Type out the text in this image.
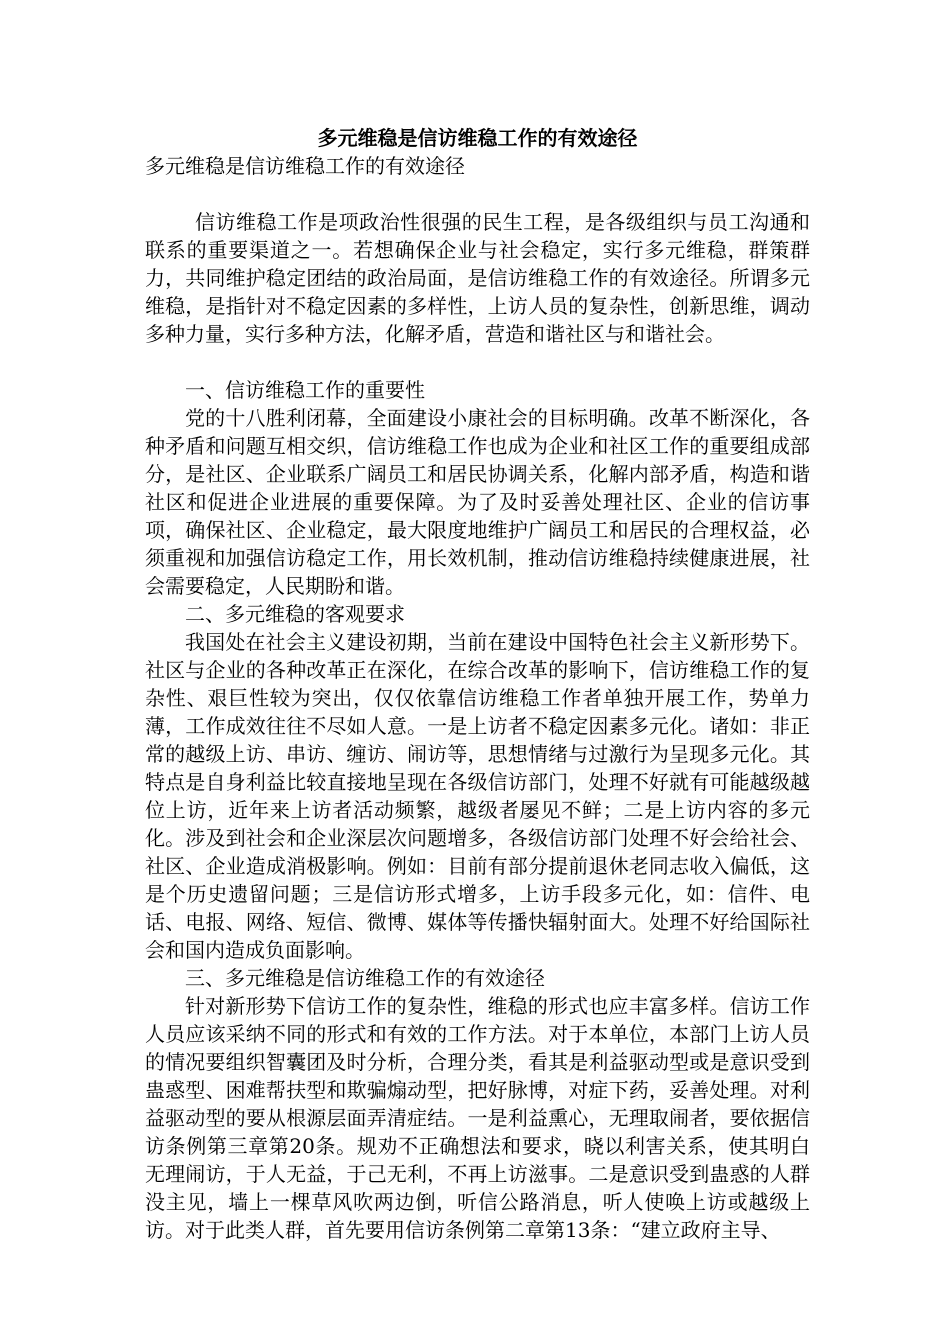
多元维稳是信访维稳工作的有效途径

多元维稳是信访维稳工作的有效途径

信访维稳工作是项政治性很强的民生工程，是各级组织与员工沟通和联系的重要渠道之一。若想确保企业与社会稳定，实行多元维稳，群策群力，共同维护稳定团结的政治局面，是信访维稳工作的有效途径。所谓多元维稳，是指针对不稳定因素的多样性，上访人员的复杂性，创新思维，调动多种力量，实行多种方法，化解矛盾，营造和谐社区与和谐社会。

一、信访维稳工作的重要性

党的十八胜利闭幕，全面建设小康社会的目标明确。改革不断深化，各种矛盾和问题互相交织，信访维稳工作也成为企业和社区工作的重要组成部分，是社区、企业联系广阔员工和居民协调关系，化解内部矛盾，构造和谐社区和促进企业进展的重要保障。为了及时妥善处理社区、企业的信访事项，确保社区、企业稳定，最大限度地维护广阔员工和居民的合理权益，必须重视和加强信访稳定工作，用长效机制，推动信访维稳持续健康进展，社会需要稳定，人民期盼和谐。

二、多元维稳的客观要求

我国处在社会主义建设初期，当前在建设中国特色社会主义新形势下。社区与企业的各种改革正在深化，在综合改革的影响下，信访维稳工作的复杂性、艰巨性较为突出，仅仅依靠信访维稳工作者单独开展工作，势单力薄，工作成效往往不尽如人意。一是上访者不稳定因素多元化。诸如：非正常的越级上访、串访、缠访、闹访等，思想情绪与过激行为呈现多元化。其特点是自身利益比较直接地呈现在各级信访部门，处理不好就有可能越级越位上访，近年来上访者活动频繁，越级者屡见不鲜；二是上访内容的多元化。涉及到社会和企业深层次问题增多，各级信访部门处理不好会给社会、社区、企业造成消极影响。例如：目前有部分提前退休老同志收入偏低，这是个历史遗留问题；三是信访形式增多，上访手段多元化，如：信件、电话、电报、网络、短信、微博、媒体等传播快辐射面大。处理不好给国际社会和国内造成负面影响。

三、多元维稳是信访维稳工作的有效途径

针对新形势下信访工作的复杂性，维稳的形式也应丰富多样。信访工作人员应该采纳不同的形式和有效的工作方法。对于本单位，本部门上访人员的情况要组织智囊团及时分析，合理分类，看其是利益驱动型或是意识受到蛊惑型、困难帮扶型和欺骗煽动型，把好脉博，对症下药，妥善处理。对利益驱动型的要从根源层面弄清症结。一是利益熏心，无理取闹者，要依据信访条例第三章第20条。规劝不正确想法和要求，晓以利害关系，使其明白无理闹访，于人无益，于己无利，不再上访滋事。二是意识受到蛊惑的人群没主见，墙上一棵草风吹两边倒，听信公路消息，听人使唤上访或越级上访。对于此类人群，首先要用信访条例第二章第13条：“建立政府主导、
